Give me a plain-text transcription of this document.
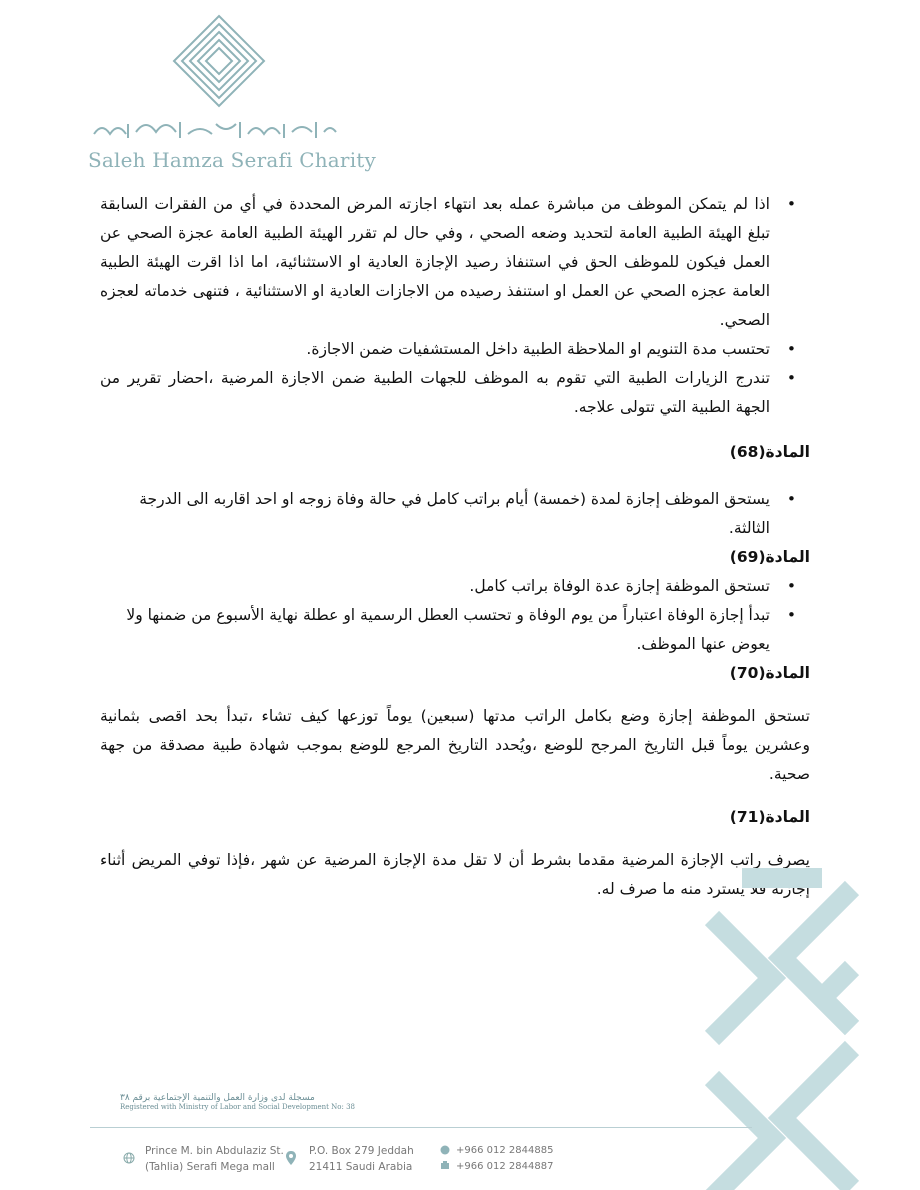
مؤسسة صالح حمزة صيرفي الخيرية
Saleh Hamza Serafi Charity

• اذا لم يتمكن الموظف من مباشرة عمله بعد انتهاء اجازته المرض المحددة في أي من الفقرات السابقة تبلغ الهيئة الطبية العامة لتحديد وضعه الصحي ، وفي حال لم تقرر الهيئة الطبية العامة عجزة الصحي عن العمل فيكون للموظف الحق في استنفاذ رصيد الإجازة العادية او الاستثنائية، اما اذا اقرت الهيئة الطبية العامة عجزه الصحي عن العمل او استنفذ رصيده من الاجازات العادية او الاستثنائية ، فتنهى خدماته لعجزه الصحي.

• تحتسب مدة التنويم او الملاحظة الطبية داخل المستشفيات ضمن الاجازة.

• تندرج الزيارات الطبية التي تقوم به الموظف للجهات الطبية ضمن الاجازة المرضية ،احضار تقرير من الجهة الطبية التي تتولى علاجه.

المادة(68)

• يستحق الموظف إجازة لمدة (خمسة) أيام براتب كامل في حالة وفاة زوجه او احد اقاربه الى الدرجة الثالثة.

المادة(69)

• تستحق الموظفة إجازة عدة الوفاة براتب كامل.

• تبدأ إجازة الوفاة اعتباراً من يوم الوفاة و تحتسب العطل الرسمية او عطلة نهاية الأسبوع من ضمنها ولا يعوض عنها الموظف.

المادة(70)

تستحق الموظفة إجازة وضع بكامل الراتب مدتها (سبعين) يوماً توزعها كيف تشاء ،تبدأ بحد اقصى بثمانية وعشرين يوماً قبل التاريخ المرجح للوضع ،ويُحدد التاريخ المرجع للوضع بموجب شهادة طبية مصدقة من جهة صحية.

المادة(71)

يصرف راتب الإجازة المرضية مقدما بشرط أن لا تقل مدة الإجازة المرضية عن شهر ،فإذا توفي المريض أثناء إجازته فلا يسترد منه ما صرف له.

مسجلة لدى وزارة العمل والتنمية الإجتماعية برقم ٣٨
Registered with Ministry of Labor and Social Development No: 38
Prince M. bin Abdulaziz St.
(Tahlia) Serafi Mega mall
P.O. Box 279 Jeddah
21411 Saudi Arabia
+966 012 2844885
+966 012 2844887
